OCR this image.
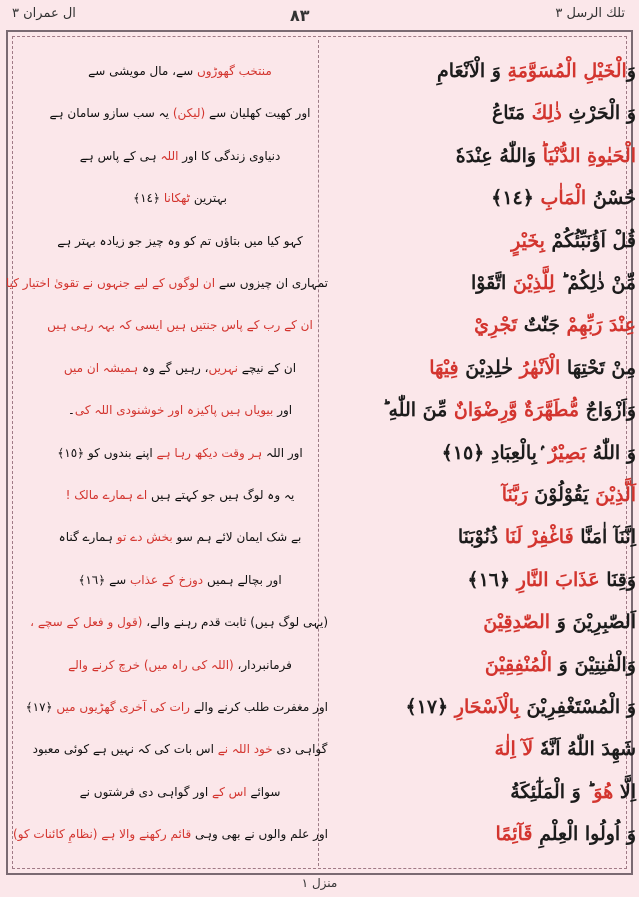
ال عمران ٣	٨٣	تلك الرسل ٣
وَالْخَيْلِ الْمُسَوَّمَةِ وَ الْاَنْعَامِ
منتخب گھوڑوں سے، مال مویشی سے
وَ الْحَرْثِ ذٰلِكَ مَتَاعُ
اور کھیت کھلیان سے (لیکن) یہ سب سازو سامان ہے
الْحَيٰوةِ الدُّنْيَاؕ وَاللّٰهُ عِنْدَهٗ
دنیاوی زندگی کا اور اللہ ہی کے پاس ہے
حُسْنُ الْمَاٰبِ ﴿١٤﴾
بہترین ٹھکانا ﴿١٤﴾
قُلْ اَؤُنَبِّئُكُمْ بِخَيْرٍ
کہو کیا میں بتاؤں تم کو وہ چیز جو زیادہ بہتر ہے
مِّنْ ذٰلِكُمْ ؕ لِلَّذِيْنَ اتَّقَوْا
تمہاری ان چیزوں سے ان لوگوں کے لیے جنہوں نے تقویٰ اختیار کیا
عِنْدَ رَبِّهِمْ جَنّٰتٌ تَجْرِيْ
ان کے رب کے پاس جنتیں ہیں ایسی کہ بہہ رہی ہیں
مِنْ تَحْتِهَا الْاَنْهٰرُ خٰلِدِيْنَ فِيْهَا
ان کے نیچے نہریں، رہیں گے وہ ہمیشہ ان میں
وَاَزْوَاجٌ مُّطَهَّرَةٌ وَّرِضْوَانٌ مِّنَ اللّٰهِ ؕ
اور بیویاں ہیں پاکیزہ اور خوشنودی اللہ کی۔
وَ اللّٰهُ بَصِيْرٌ ۢبِالْعِبَادِ ﴿١٥﴾
اور اللہ ہر وقت دیکھ رہا ہے اپنے بندوں کو ﴿١٥﴾
اَلَّذِيْنَ يَقُوْلُوْنَ رَبَّنَآ
یہ وہ لوگ ہیں جو کہتے ہیں اے ہمارے مالک !
اِنَّنَآ اٰمَنَّا فَاغْفِرْ لَنَا ذُنُوْبَنَا
بے شک ایمان لائے ہم سو بخش دے تو ہمارے گناہ
وَقِنَا عَذَابَ النَّارِ ﴿١٦﴾
اور بچالے ہمیں دوزخ کے عذاب سے ﴿١٦﴾
اَلصّٰبِرِيْنَ وَ الصّٰدِقِيْنَ
(یہی لوگ ہیں) ثابت قدم رہنے والے، (قول و فعل کے سچے ،
وَالْقٰنِتِيْنَ وَ الْمُنْفِقِيْنَ
فرمانبردار، (اللہ کی راہ میں) خرچ کرنے والے
وَ الْمُسْتَغْفِرِيْنَ بِالْاَسْحَارِ ﴿١٧﴾
اور مغفرت طلب کرنے والے رات کی آخری گھڑیوں میں ﴿١٧﴾
شَهِدَ اللّٰهُ اَنَّهٗ لَآ اِلٰهَ
گواہی دی خود اللہ نے اس بات کی کہ نہیں ہے کوئی معبود
اِلَّا هُوَ ؕ وَ الْمَلٰٓئِكَةُ
سوائے اس کے اور گواہی دی فرشتوں نے
وَ اُولُوا الْعِلْمِ قَآئِمًا
اور علم والوں نے بھی وہی قائم رکھنے والا ہے (نظامِ کائنات کو)
منزل ١
